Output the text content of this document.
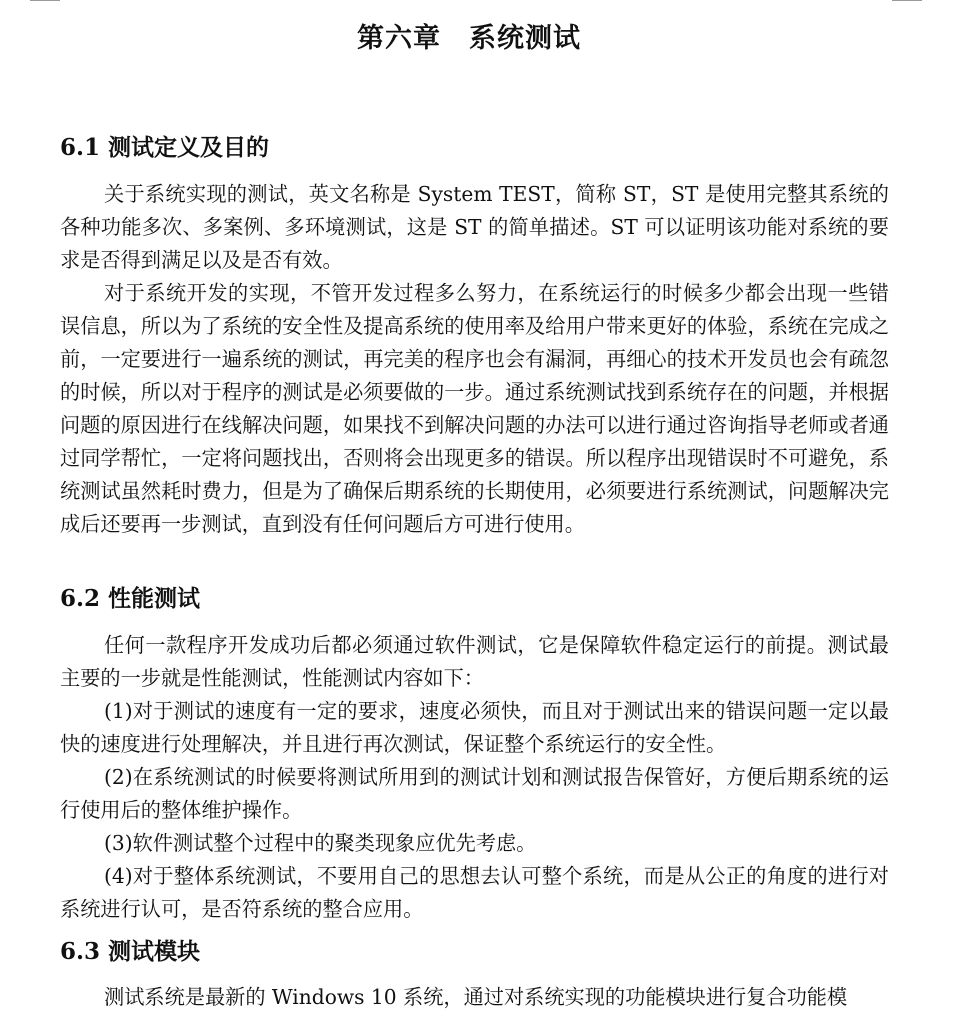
第六章　系统测试
6.1 测试定义及目的

关于系统实现的测试，英文名称是 System TEST，简称 ST，ST 是使用完整其系统的各种功能多次、多案例、多环境测试，这是 ST 的简单描述。ST 可以证明该功能对系统的要求是否得到满足以及是否有效。

对于系统开发的实现，不管开发过程多么努力，在系统运行的时候多少都会出现一些错误信息，所以为了系统的安全性及提高系统的使用率及给用户带来更好的体验，系统在完成之前，一定要进行一遍系统的测试，再完美的程序也会有漏洞，再细心的技术开发员也会有疏忽的时候，所以对于程序的测试是必须要做的一步。通过系统测试找到系统存在的问题，并根据问题的原因进行在线解决问题，如果找不到解决问题的办法可以进行通过咨询指导老师或者通过同学帮忙，一定将问题找出，否则将会出现更多的错误。所以程序出现错误时不可避免，系统测试虽然耗时费力，但是为了确保后期系统的长期使用，必须要进行系统测试，问题解决完成后还要再一步测试，直到没有任何问题后方可进行使用。

6.2 性能测试

任何一款程序开发成功后都必须通过软件测试，它是保障软件稳定运行的前提。测试最主要的一步就是性能测试，性能测试内容如下：

(1)对于测试的速度有一定的要求，速度必须快，而且对于测试出来的错误问题一定以最快的速度进行处理解决，并且进行再次测试，保证整个系统运行的安全性。

(2)在系统测试的时候要将测试所用到的测试计划和测试报告保管好，方便后期系统的运行使用后的整体维护操作。

(3)软件测试整个过程中的聚类现象应优先考虑。

(4)对于整体系统测试，不要用自己的思想去认可整个系统，而是从公正的角度的进行对系统进行认可，是否符系统的整合应用。

6.3 测试模块

测试系统是最新的 Windows 10 系统，通过对系统实现的功能模块进行复合功能模
